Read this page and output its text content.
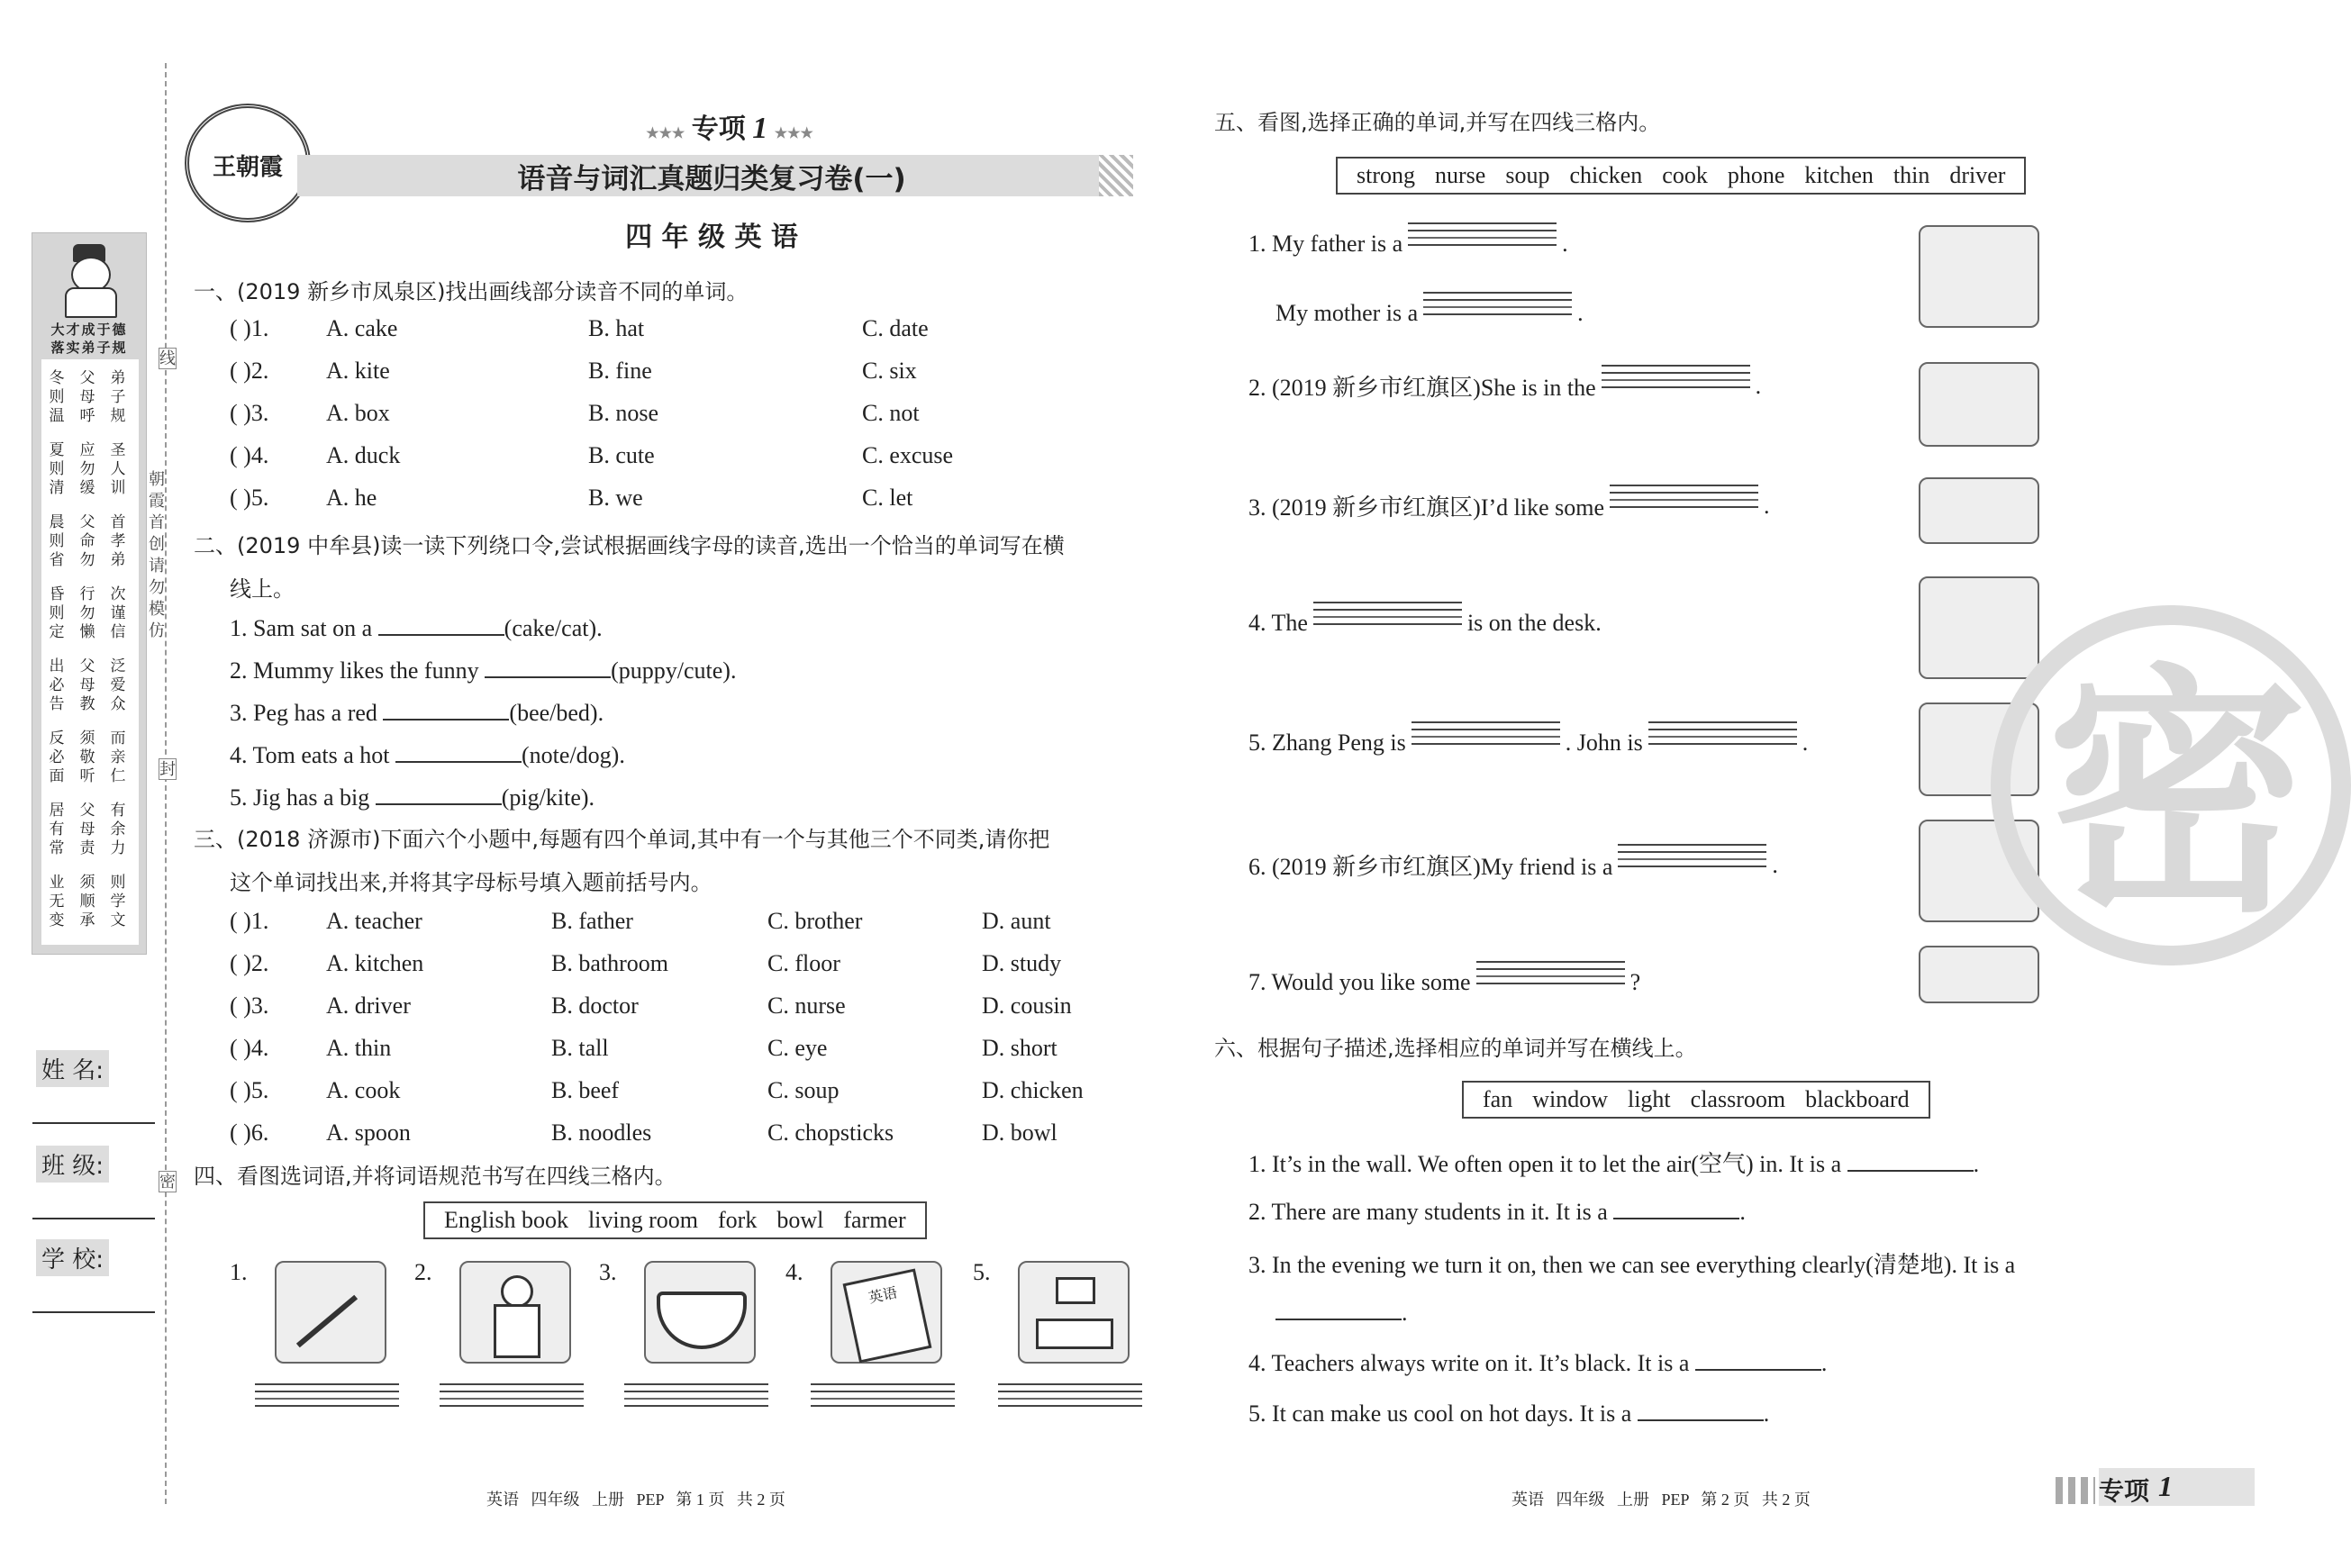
线
朝霞首创请勿模仿
封
密
大才成于德
落实弟子规
冬则温
父母呼
弟子规
夏则清
应勿缓
圣人训
晨则省
父命勿
首孝弟
昏则定
行勿懒
次谨信
出必告
父母教
泛爱众
反必面
须敬听
而亲仁
居有常
父母责
有余力
业无变
须顺承
则学文
姓 名:
班 级:
学 校:
王朝霞
★★★ 专项 1 ★★★
语音与词汇真题归类复习卷(一)
四 年 级 英 语
一、(2019 新乡市凤泉区)找出画线部分读音不同的单词。
( )1. A. cake	B. hat	C. date
( )2. A. kite	B. fine	C. six
( )3. A. box	B. nose	C. not
( )4. A. duck	B. cute	C. excuse
( )5. A. he	B. we	C. let
二、(2019 中牟县)读一读下列绕口令,尝试根据画线字母的读音,选出一个恰当的单词写在横
线上。
1. Sam sat on a	(cake/cat).
2. Mummy likes the funny	(puppy/cute).
3. Peg has a red	(bee/bed).
4. Tom eats a hot	(note/dog).
5. Jig has a big	(pig/kite).
三、(2018 济源市)下面六个小题中,每题有四个单词,其中有一个与其他三个不同类,请你把
这个单词找出来,并将其字母标号填入题前括号内。
( )1. A. teacher	B. father	C. brother	D. aunt
( )2. A. kitchen	B. bathroom	C. floor	D. study
( )3. A. driver	B. doctor	C. nurse	D. cousin
( )4. A. thin	B. tall	C. eye	D. short
( )5. A. cook	B. beef	C. soup	D. chicken
( )6. A. spoon	B. noodles	C. chopsticks	D. bowl
四、看图选词语,并将词语规范书写在四线三格内。
English book living room fork bowl farmer
1.	2.	3.	4.
英语
5.
五、看图,选择正确的单词,并写在四线三格内。
strong nurse soup chicken cook phone kitchen thin driver
1. My father is a	.
My mother is a	.
2. (2019 新乡市红旗区)She is in the	.
3. (2019 新乡市红旗区)I’d like some	.
4. The	is on the desk.
5. Zhang Peng is	. John is	.
6. (2019 新乡市红旗区)My friend is a	.
7. Would you like some	?
六、根据句子描述,选择相应的单词并写在横线上。
fan window light classroom blackboard
1. It’s in the wall. We often open it to let the air(空气) in. It is a	.
2. There are many students in it. It is a	.
3. In the evening we turn it on, then we can see everything clearly(清楚地). It is a
.
4. Teachers always write on it. It’s black. It is a	.
5. It can make us cool on hot days. It is a	.
密
英语   四年级   上册   PEP   第 1 页   共 2 页	英语   四年级   上册   PEP   第 2 页   共 2 页	专项 1
